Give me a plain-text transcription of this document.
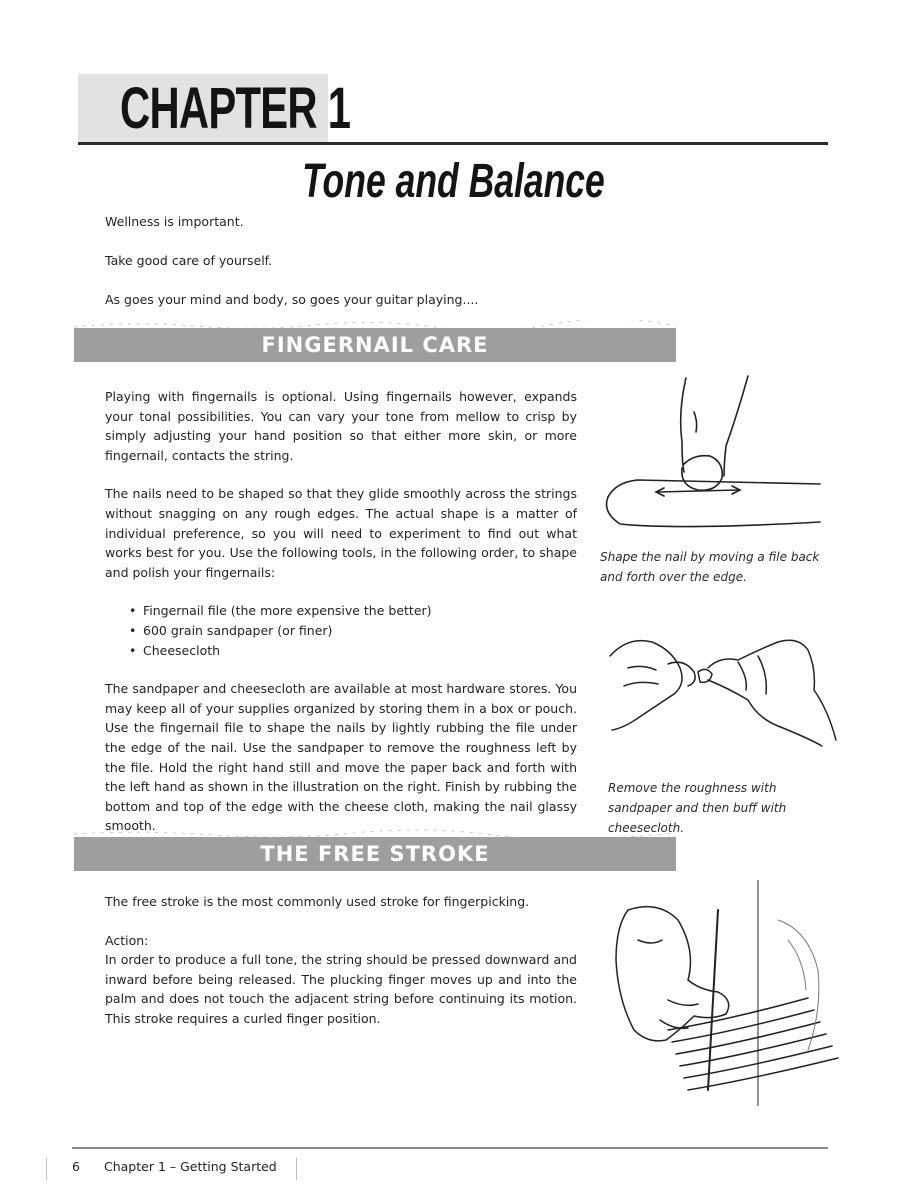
CHAPTER 1
Tone and Balance

Wellness is important.

Take good care of yourself.

As goes your mind and body, so goes your guitar playing....

FINGERNAIL CARE

Playing with fingernails is optional. Using fingernails however, expands your tonal possibilities. You can vary your tone from mellow to crisp by simply adjusting your hand position so that either more skin, or more fingernail, contacts the string.

The nails need to be shaped so that they glide smoothly across the strings without snagging on any rough edges. The actual shape is a matter of individual preference, so you will need to experiment to find out what works best for you. Use the following tools, in the following order, to shape and polish your fingernails:

• Fingernail file (the more expensive the better)
• 600 grain sandpaper (or finer)
• Cheesecloth

The sandpaper and cheesecloth are available at most hardware stores. You may keep all of your supplies organized by storing them in a box or pouch. Use the fingernail file to shape the nails by lightly rubbing the file under the edge of the nail. Use the sandpaper to remove the roughness left by the file. Hold the right hand still and move the paper back and forth with the left hand as shown in the illustration on the right. Finish by rubbing the bottom and top of the edge with the cheese cloth, making the nail glassy smooth.

Shape the nail by moving a file back and forth over the edge.

Remove the roughness with sandpaper and then buff with cheesecloth.

THE FREE STROKE

The free stroke is the most commonly used stroke for fingerpicking.

Action:

In order to produce a full tone, the string should be pressed downward and inward before being released. The plucking finger moves up and into the palm and does not touch the adjacent string before continuing its motion. This stroke requires a curled finger position.

6 Chapter 1 – Getting Started
